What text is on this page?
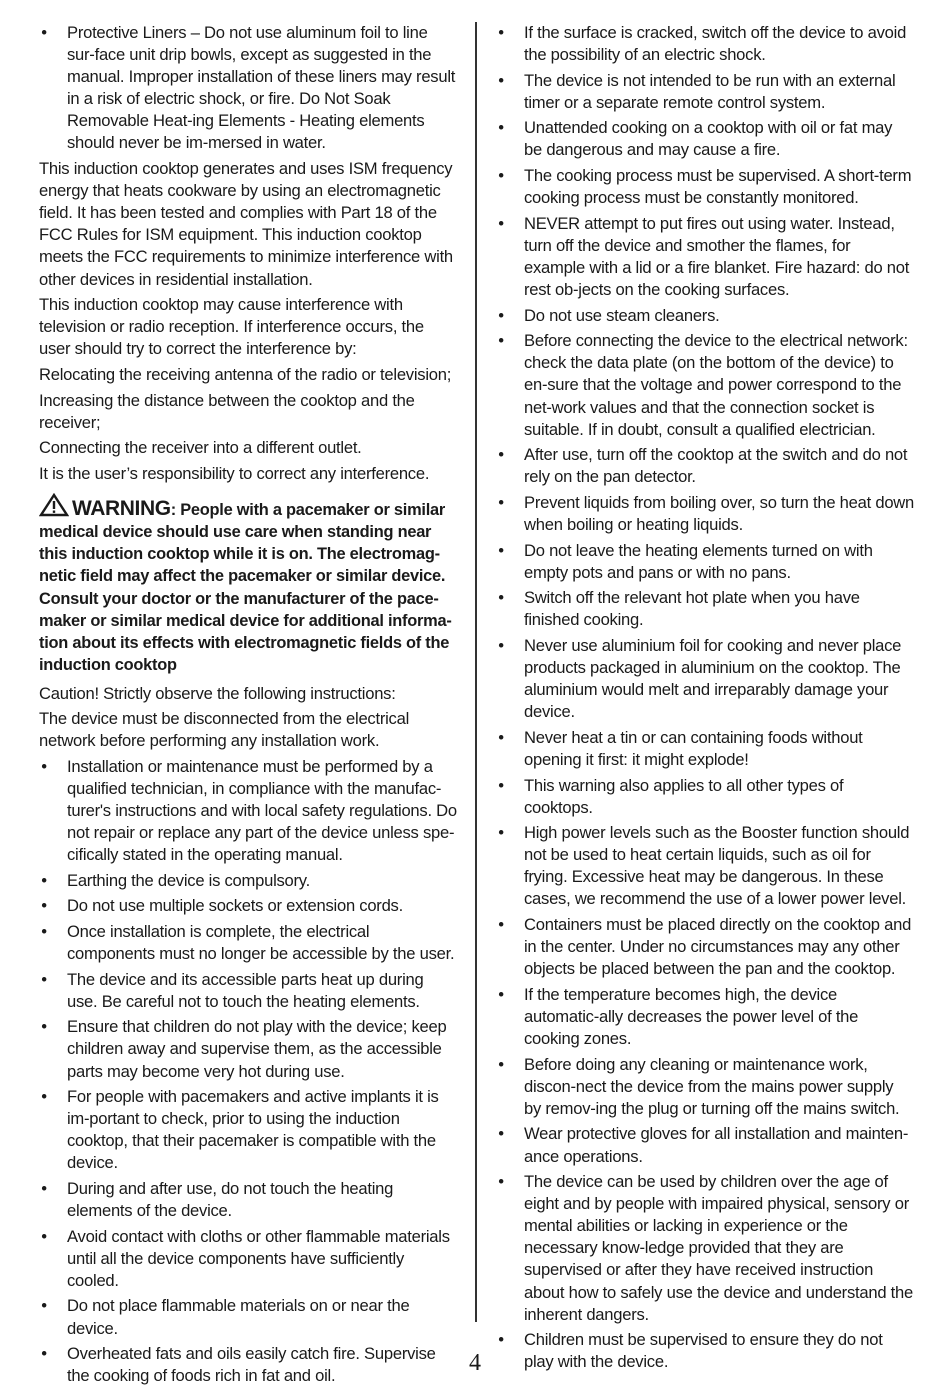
• Protective Liners – Do not use aluminum foil to line sur-face unit drip bowls, except as suggested in the manual. Improper installation of these liners may result in a risk of electric shock, or fire. Do Not Soak Removable Heat-ing Elements - Heating elements should never be im-mersed in water.

This induction cooktop generates and uses ISM frequency energy that heats cookware by using an electromagnetic field. It has been tested and complies with Part 18 of the FCC Rules for ISM equipment. This induction cooktop meets the FCC requirements to minimize interference with other devices in residential installation.

This induction cooktop may cause interference with television or radio reception. If interference occurs, the user should try to correct the interference by:

Relocating the receiving antenna of the radio or television;

Increasing the distance between the cooktop and the receiver;

Connecting the receiver into a different outlet.

It is the user’s responsibility to correct any interference.

WARNING: People with a pacemaker or similar medical device should use care when standing near this induction cooktop while it is on. The electromag-netic field may affect the pacemaker or similar device. Consult your doctor or the manufacturer of the pace-maker or similar medical device for additional informa-tion about its effects with electromagnetic fields of the induction cooktop

Caution! Strictly observe the following instructions:

The device must be disconnected from the electrical network before performing any installation work.

• Installation or maintenance must be performed by a qualified technician, in compliance with the manufac-turer's instructions and with local safety regulations. Do not repair or replace any part of the device unless spe-cifically stated in the operating manual.
• Earthing the device is compulsory.
• Do not use multiple sockets or extension cords.
• Once installation is complete, the electrical components must no longer be accessible by the user.
• The device and its accessible parts heat up during use. Be careful not to touch the heating elements.
• Ensure that children do not play with the device; keep children away and supervise them, as the accessible parts may become very hot during use.
• For people with pacemakers and active implants it is im-portant to check, prior to using the induction cooktop, that their pacemaker is compatible with the device.
• During and after use, do not touch the heating elements of the device.
• Avoid contact with cloths or other flammable materials until all the device components have sufficiently cooled.
• Do not place flammable materials on or near the device.
• Overheated fats and oils easily catch fire. Supervise the cooking of foods rich in fat and oil.
• If the surface is cracked, switch off the device to avoid the possibility of an electric shock.
• The device is not intended to be run with an external timer or a separate remote control system.
• Unattended cooking on a cooktop with oil or fat may be dangerous and may cause a fire.
• The cooking process must be supervised. A short-term cooking process must be constantly monitored.
• NEVER attempt to put fires out using water. Instead, turn off the device and smother the flames, for example with a lid or a fire blanket. Fire hazard: do not rest ob-jects on the cooking surfaces.
• Do not use steam cleaners.
• Before connecting the device to the electrical network: check the data plate (on the bottom of the device) to en-sure that the voltage and power correspond to the net-work values and that the connection socket is suitable. If in doubt, consult a qualified electrician.
• After use, turn off the cooktop at the switch and do not rely on the pan detector.
• Prevent liquids from boiling over, so turn the heat down when boiling or heating liquids.
• Do not leave the heating elements turned on with empty pots and pans or with no pans.
• Switch off the relevant hot plate when you have finished cooking.
• Never use aluminium foil for cooking and never place products packaged in aluminium on the cooktop. The aluminium would melt and irreparably damage your device.
• Never heat a tin or can containing foods without opening it first: it might explode!
• This warning also applies to all other types of cooktops.
• High power levels such as the Booster function should not be used to heat certain liquids, such as oil for frying. Excessive heat may be dangerous. In these cases, we recommend the use of a lower power level.
• Containers must be placed directly on the cooktop and in the center. Under no circumstances may any other objects be placed between the pan and the cooktop.
• If the temperature becomes high, the device automatic-ally decreases the power level of the cooking zones.
• Before doing any cleaning or maintenance work, discon-nect the device from the mains power supply by remov-ing the plug or turning off the mains switch.
• Wear protective gloves for all installation and mainten-ance operations.
• The device can be used by children over the age of eight and by people with impaired physical, sensory or mental abilities or lacking in experience or the necessary know-ledge provided that they are supervised or after they have received instruction about how to safely use the device and understand the inherent dangers.
• Children must be supervised to ensure they do not play with the device.
4
